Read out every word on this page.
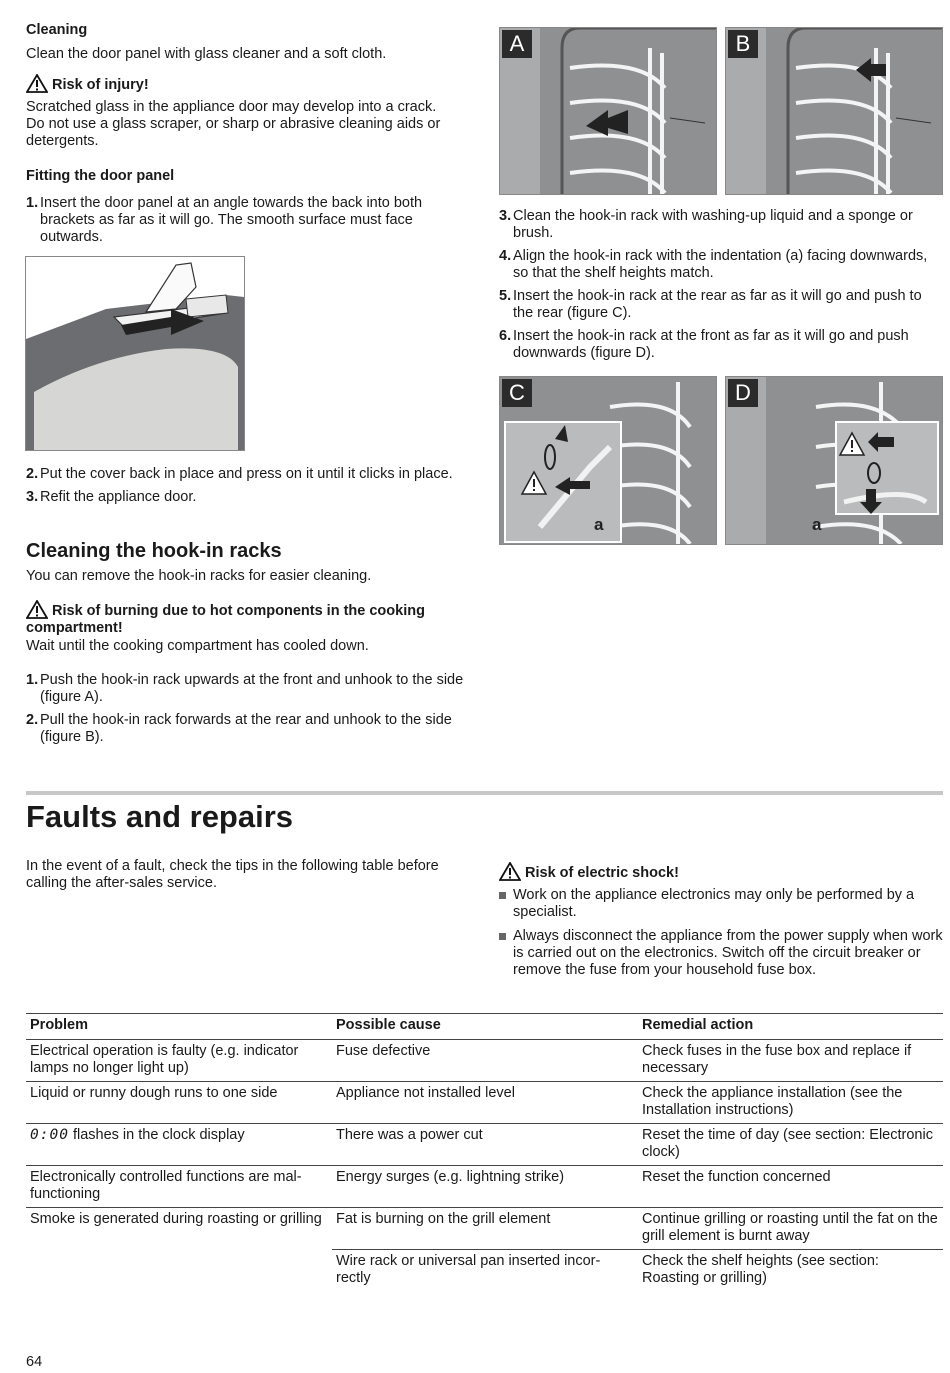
Cleaning
Clean the door panel with glass cleaner and a soft cloth.
Risk of injury!
Scratched glass in the appliance door may develop into a crack. Do not use a glass scraper, or sharp or abrasive cleaning aids or detergents.
Fitting the door panel
1. Insert the door panel at an angle towards the back into both brackets as far as it will go. The smooth surface must face outwards.
2. Put the cover back in place and press on it until it clicks in place.
3. Refit the appliance door.
Cleaning the hook-in racks
You can remove the hook-in racks for easier cleaning.
Risk of burning due to hot components in the cooking compartment!
Wait until the cooking compartment has cooled down.
1. Push the hook-in rack upwards at the front and unhook to the side (figure A).
2. Pull the hook-in rack forwards at the rear and unhook to the side (figure B).
A	B
3. Clean the hook-in rack with washing-up liquid and a sponge or brush.
4. Align the hook-in rack with the indentation (a) facing downwards, so that the shelf heights match.
5. Insert the hook-in rack at the rear as far as it will go and push to the rear (figure C).
6. Insert the hook-in rack at the front as far as it will go and push downwards (figure D).
C
a
D
a
Faults and repairs
In the event of a fault, check the tips in the following table before calling the after-sales service.
Risk of electric shock!
Work on the appliance electronics may only be performed by a specialist.
Always disconnect the appliance from the power supply when work is carried out on the electronics. Switch off the circuit breaker or remove the fuse from your household fuse box.
Problem	Possible cause	Remedial action
Electrical operation is faulty (e.g. indicator lamps no longer light up)	Fuse defective	Check fuses in the fuse box and replace if necessary
Liquid or runny dough runs to one side	Appliance not installed level	Check the appliance installation (see the Installation instructions)
0:00 flashes in the clock display	There was a power cut	Reset the time of day (see section: Electronic clock)
Electronically controlled functions are mal-functioning	Energy surges (e.g. lightning strike)	Reset the function concerned
Smoke is generated during roasting or grilling	Fat is burning on the grill element	Continue grilling or roasting until the fat on the grill element is burnt away
	Wire rack or universal pan inserted incor-rectly	Check the shelf heights (see section: Roasting or grilling)
64
